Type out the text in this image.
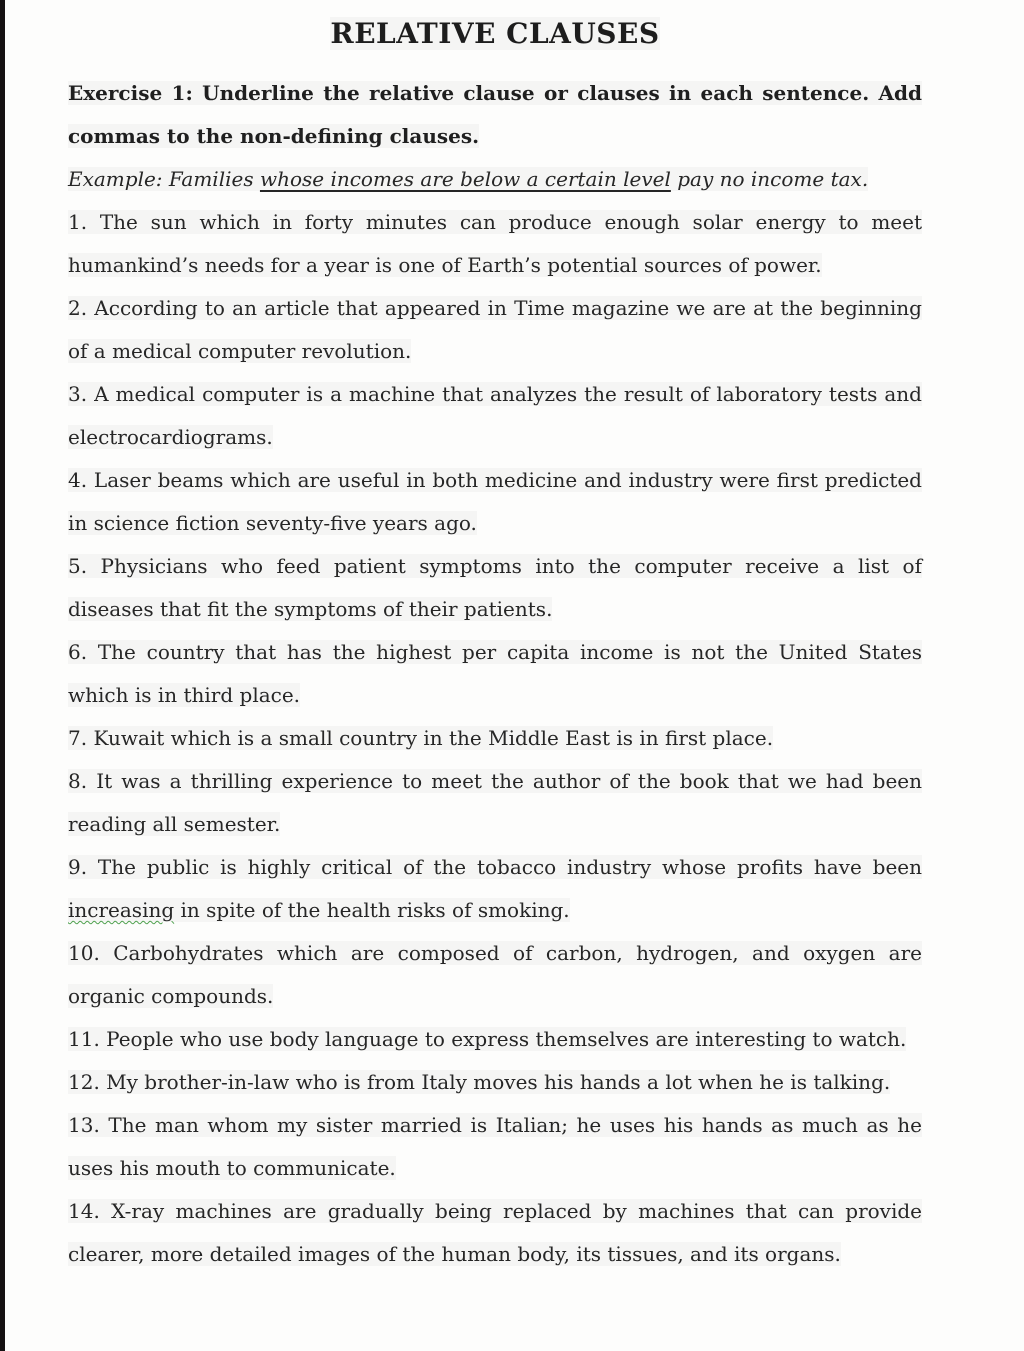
RELATIVE CLAUSES

Exercise 1: Underline the relative clause or clauses in each sentence. Add commas to the non-defining clauses.

Example: Families whose incomes are below a certain level pay no income tax.

1. The sun which in forty minutes can produce enough solar energy to meet humankind’s needs for a year is one of Earth’s potential sources of power.

2. According to an article that appeared in Time magazine we are at the beginning of a medical computer revolution.

3. A medical computer is a machine that analyzes the result of laboratory tests and electrocardiograms.

4. Laser beams which are useful in both medicine and industry were first predicted in science fiction seventy-five years ago.

5. Physicians who feed patient symptoms into the computer receive a list of diseases that fit the symptoms of their patients.

6. The country that has the highest per capita income is not the United States which is in third place.

7. Kuwait which is a small country in the Middle East is in first place.

8. It was a thrilling experience to meet the author of the book that we had been reading all semester.

9. The public is highly critical of the tobacco industry whose profits have been increasing in spite of the health risks of smoking.

10. Carbohydrates which are composed of carbon, hydrogen, and oxygen are organic compounds.

11. People who use body language to express themselves are interesting to watch.

12. My brother-in-law who is from Italy moves his hands a lot when he is talking.

13. The man whom my sister married is Italian; he uses his hands as much as he uses his mouth to communicate.

14. X-ray machines are gradually being replaced by machines that can provide clearer, more detailed images of the human body, its tissues, and its organs.
